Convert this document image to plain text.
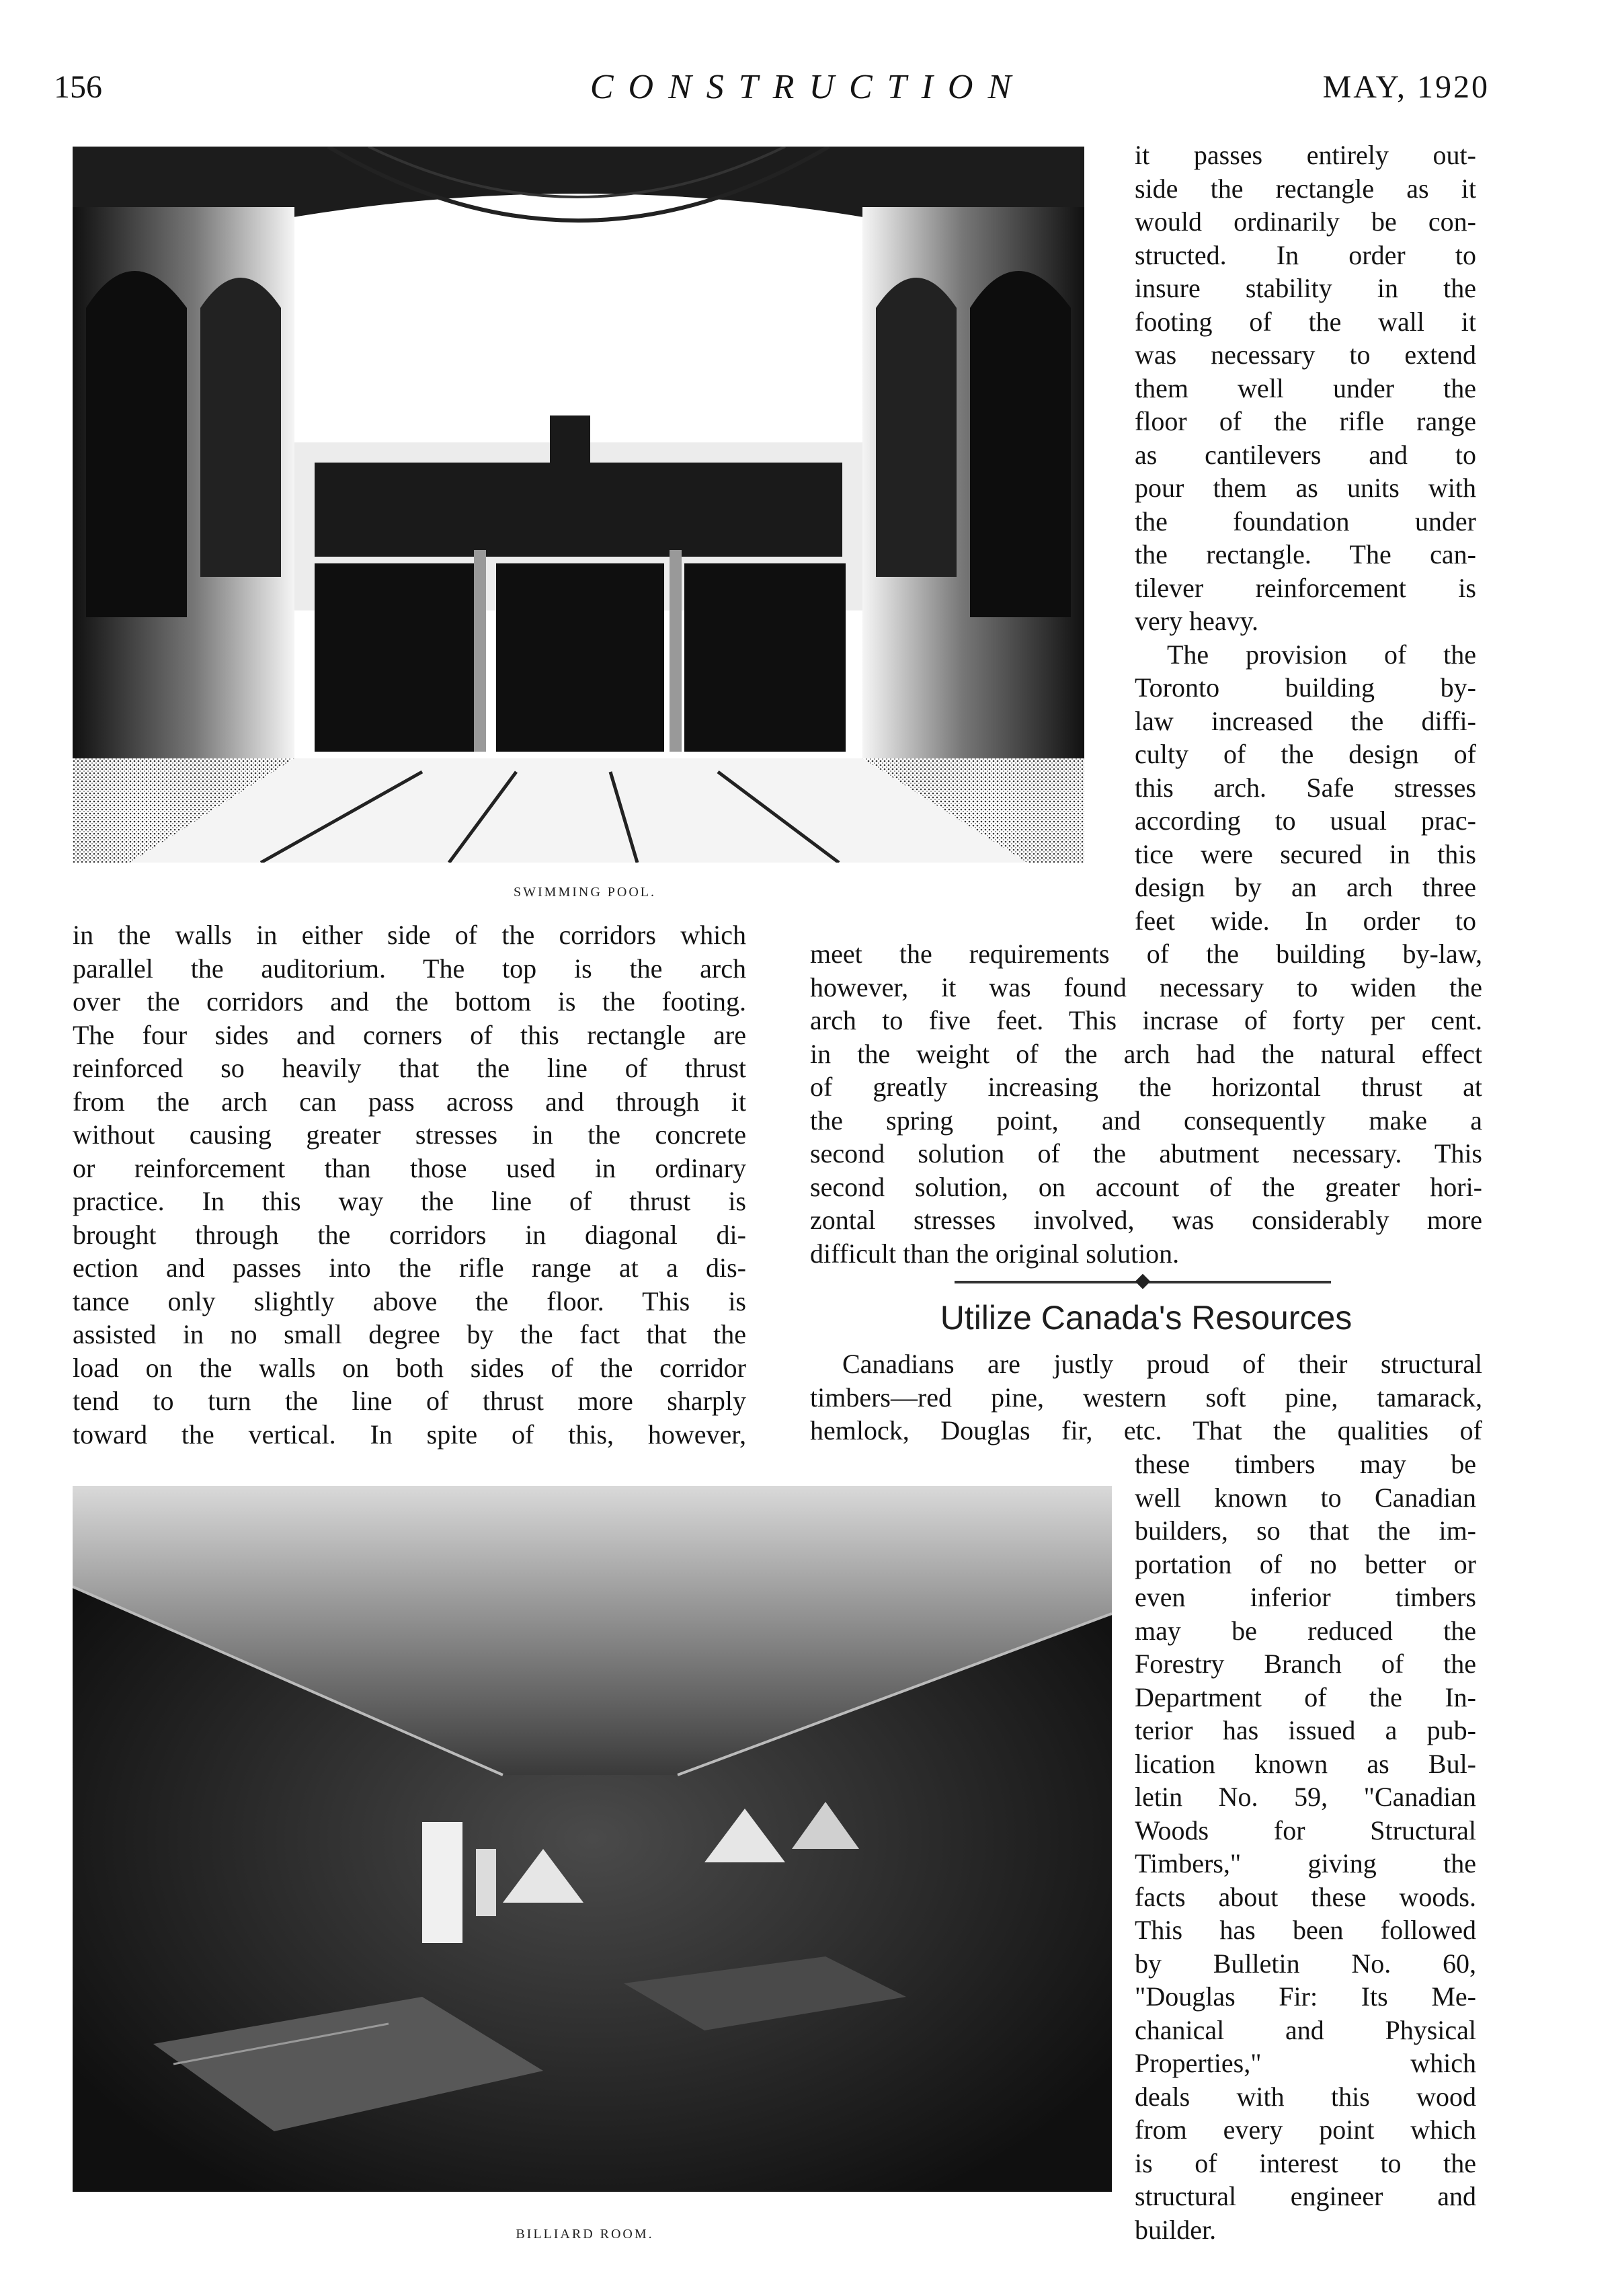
156	CONSTRUCTION	MAY, 1920
SWIMMING POOL.
it passes entirely out-
side the rectangle as it
would ordinarily be con-
structed. In order to
insure stability in the
footing of the wall it
was necessary to extend
them well under the
floor of the rifle range
as cantilevers and to
pour them as units with
the foundation under
the rectangle. The can-
tilever reinforcement is
very heavy.
The provision of the
Toronto building by-
law increased the diffi-
culty of the design of
this arch. Safe stresses
according to usual prac-
tice were secured in this
design by an arch three
feet wide. In order to
meet the requirements of the building by-law,
however, it was found necessary to widen the
arch to five feet. This incrase of forty per cent.
in the weight of the arch had the natural effect
of greatly increasing the horizontal thrust at
the spring point, and consequently make a
second solution of the abutment necessary. This
second solution, on account of the greater hori-
zontal stresses involved, was considerably more
difficult than the original solution.
in the walls in either side of the corridors which
parallel the auditorium. The top is the arch
over the corridors and the bottom is the footing.
The four sides and corners of this rectangle are
reinforced so heavily that the line of thrust
from the arch can pass across and through it
without causing greater stresses in the concrete
or reinforcement than those used in ordinary
practice. In this way the line of thrust is
brought through the corridors in diagonal di-
ection and passes into the rifle range at a dis-
tance only slightly above the floor. This is
assisted in no small degree by the fact that the
load on the walls on both sides of the corridor
tend to turn the line of thrust more sharply
toward the vertical. In spite of this, however,
Utilize Canada's Resources
Canadians are justly proud of their structural
timbers—red pine, western soft pine, tamarack,
hemlock, Douglas fir, etc. That the qualities of
BILLIARD ROOM.
these timbers may be
well known to Canadian
builders, so that the im-
portation of no better or
even inferior timbers
may be reduced the
Forestry Branch of the
Department of the In-
terior has issued a pub-
lication known as Bul-
letin No. 59, "Canadian
Woods for Structural
Timbers," giving the
facts about these woods.
This has been followed
by Bulletin No. 60,
"Douglas Fir: Its Me-
chanical and Physical
Properties," which
deals with this wood
from every point which
is of interest to the
structural engineer and
builder.
